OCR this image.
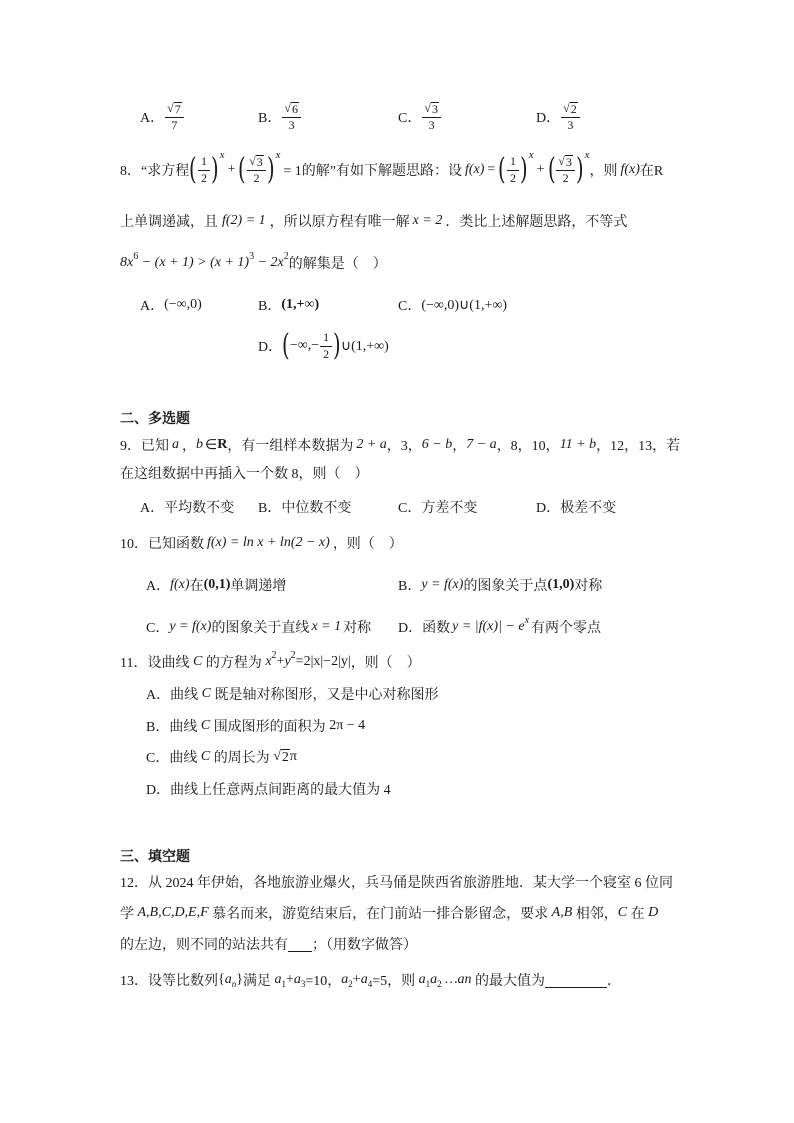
A． $\frac{√ 7}{7}$	B． $\frac{√ 6}{3}$	C． $\frac{√ 3}{3}$	D． $\frac{√ 2}{3}$
8．“求方程 ( $\frac{1}{2}$ ) x
+ ( $\frac{√ 3}{2}$ ) x
= 1的解”有如下解题思路：设 f(x) = ( $\frac{1}{2}$ ) x
+ ( $\frac{√ 3}{2}$ ) x
，则 f(x) 在R
上单调递减，且 f(2) = 1 ，所以原方程有唯一解 x = 2 ．类比上述解题思路，不等式
8x 6 − (x + 1) > (x + 1) 3 − 2x 2
的解集是（    ）
A． (−∞,0)	B． (1,+∞)	C． (−∞,0)∪(1,+∞)
D． ( −∞,− $\frac{1}{2}$ ) ∪(1,+∞)
二、多选题
9．已知 a ， b ∈ R ，有一组样本数据为 2 + a ，3， 6 − b ， 7 − a ，8，10， 11 + b ，12，13，若
在这组数据中再插入一个数 8，则（    ）
A．平均数不变 B．中位数不变	C．方差不变	D．极差不变
10．已知函数 f(x) = ln x + ln(2 − x) ，则（    ）
A． f(x) 在 (0,1) 单调递增	B． y = f(x) 的图象关于点 (1,0) 对称
C． y = f(x) 的图象关于直线 x = 1 对称 D．函数 y = |f(x)| − e x
有两个零点
11．设曲线 C 的方程为 x 2 + y 2 =2|x|−2|y| ，则（    ）
A．曲线 C 既是轴对称图形，又是中心对称图形
B．曲线 C 围成图形的面积为 2π − 4
C．曲线 C 的周长为 √ 2 π
D．曲线上任意两点间距离的最大值为 4
三、填空题
12．从 2024 年伊始，各地旅游业爆火，兵马俑是陕西省旅游胜地．某大学一个寝室 6 位同
学 A,B,C,D,E,F 慕名而来，游览结束后，在门前站一排合影留念，要求 A,B 相邻， C 在 D
的左边，则不同的站法共有 ；（用数字做答）
13．设等比数列 { a n } 满足 a 1 + a 3 =10， a 2 + a 4 =5，则 a 1 a 2 …an 的最大值为	．
